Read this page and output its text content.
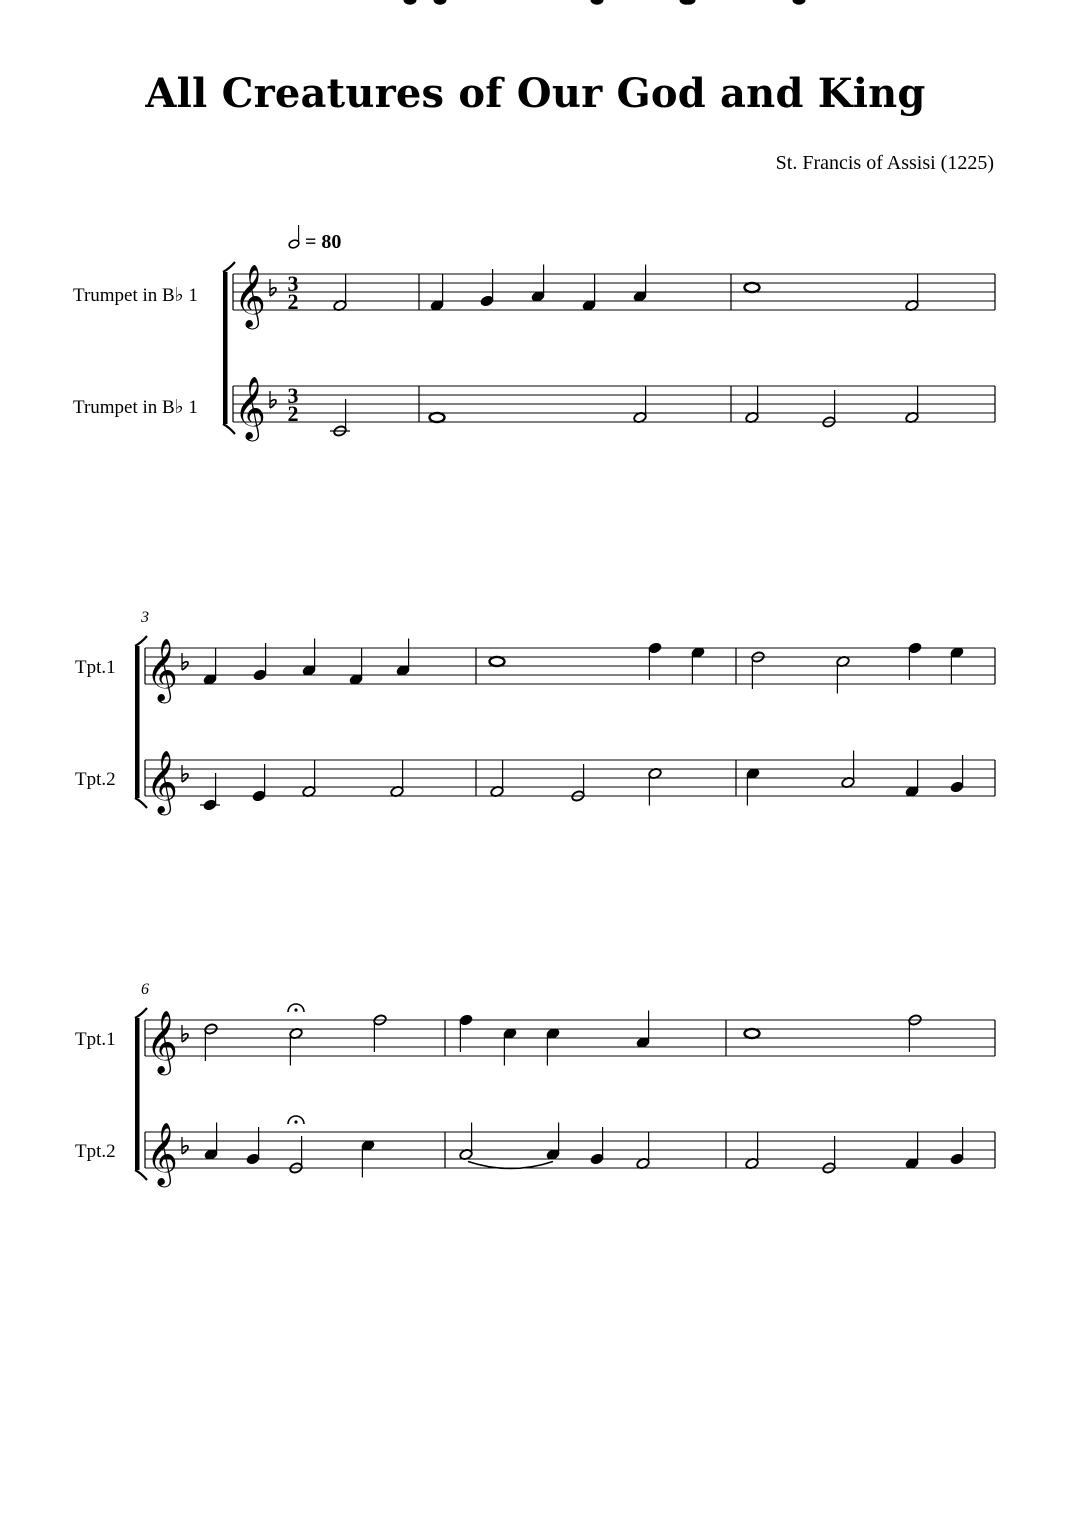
All Creatures of Our God and King
St. Francis of Assisi (1225)
Trumpet in B♭ 1
Trumpet in B♭ 1
Tpt.1
Tpt.2
Tpt.1
Tpt.2
3
6
𝄞 3
2
𝄞 3
2
𝄞
𝄞
𝄞
𝄞
= 80
